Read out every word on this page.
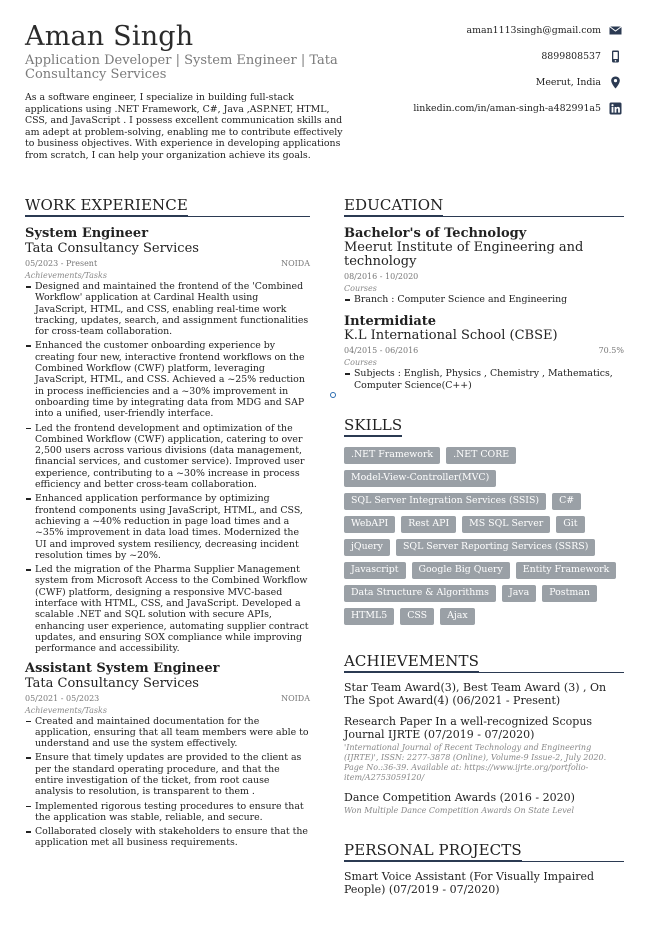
Aman Singh
Application Developer | System Engineer | Tata Consultancy Services
As a software engineer, I specialize in building full-stack applications using .NET Framework, C#, Java ,ASP.NET, HTML, CSS, and JavaScript . I possess excellent communication skills and am adept at problem-solving, enabling me to contribute effectively to business objectives. With experience in developing applications from scratch, I can help your organization achieve its goals.
aman1113singh@gmail.com
8899808537
Meerut, India
linkedin.com/in/aman-singh-a482991a5
WORK EXPERIENCE
System Engineer
Tata Consultancy Services
05/2023 - Present	NOIDA
Achievements/Tasks
Designed and maintained the frontend of the 'Combined Workflow' application at Cardinal Health using JavaScript, HTML, and CSS, enabling real-time work tracking, updates, search, and assignment functionalities for cross-team collaboration.
Enhanced the customer onboarding experience by creating four new, interactive frontend workflows on the Combined Workflow (CWF) platform, leveraging JavaScript, HTML, and CSS. Achieved a ~25% reduction in process inefficiencies and a ~30% improvement in onboarding time by integrating data from MDG and SAP into a unified, user-friendly interface.
Led the frontend development and optimization of the Combined Workflow (CWF) application, catering to over 2,500 users across various divisions (data management, financial services, and customer service). Improved user experience, contributing to a ~30% increase in process efficiency and better cross-team collaboration.
Enhanced application performance by optimizing frontend components using JavaScript, HTML, and CSS, achieving a ~40% reduction in page load times and a ~35% improvement in data load times. Modernized the UI and improved system resiliency, decreasing incident resolution times by ~20%.
Led the migration of the Pharma Supplier Management system from Microsoft Access to the Combined Workflow (CWF) platform, designing a responsive MVC-based interface with HTML, CSS, and JavaScript. Developed a scalable .NET and SQL solution with secure APIs, enhancing user experience, automating supplier contract updates, and ensuring SOX compliance while improving performance and accessibility.
Assistant System Engineer
Tata Consultancy Services
05/2021 - 05/2023	NOIDA
Achievements/Tasks
Created and maintained documentation for the application, ensuring that all team members were able to understand and use the system effectively.
Ensure that timely updates are provided to the client as per the standard operating procedure, and that the entire investigation of the ticket, from root cause analysis to resolution, is transparent to them .
Implemented rigorous testing procedures to ensure that the application was stable, reliable, and secure.
Collaborated closely with stakeholders to ensure that the application met all business requirements.
EDUCATION
Bachelor's of Technology
Meerut Institute of Engineering and technology
08/2016 - 10/2020
Courses
Branch : Computer Science and Engineering
Intermidiate
K.L International School (CBSE)
04/2015 - 06/2016	70.5%
Courses
Subjects : English, Physics , Chemistry , Mathematics, Computer Science(C++)
SKILLS
.NET Framework	.NET CORE
Model-View-Controller(MVC)
SQL Server Integration Services (SSIS)	C#
WebAPI	Rest API	MS SQL Server	Git
jQuery	SQL Server Reporting Services (SSRS)
Javascript	Google Big Query	Entity Framework
Data Structure & Algorithms	Java	Postman
HTML5	CSS	Ajax
ACHIEVEMENTS
Star Team Award(3), Best Team Award (3) , On The Spot Award(4) (06/2021 - Present)
Research Paper In a well-recognized Scopus Journal IJRTE (07/2019 - 07/2020)
'International Journal of Recent Technology and Engineering (IJRTE)', ISSN: 2277-3878 (Online), Volume-9 Issue-2, July 2020. Page No.:36-39. Available at: https://www.ijrte.org/portfolio-item/A2753059120/
Dance Competition Awards (2016 - 2020)
Won Multiple Dance Competition Awards On State Level
PERSONAL PROJECTS
Smart Voice Assistant (For Visually Impaired People) (07/2019 - 07/2020)
